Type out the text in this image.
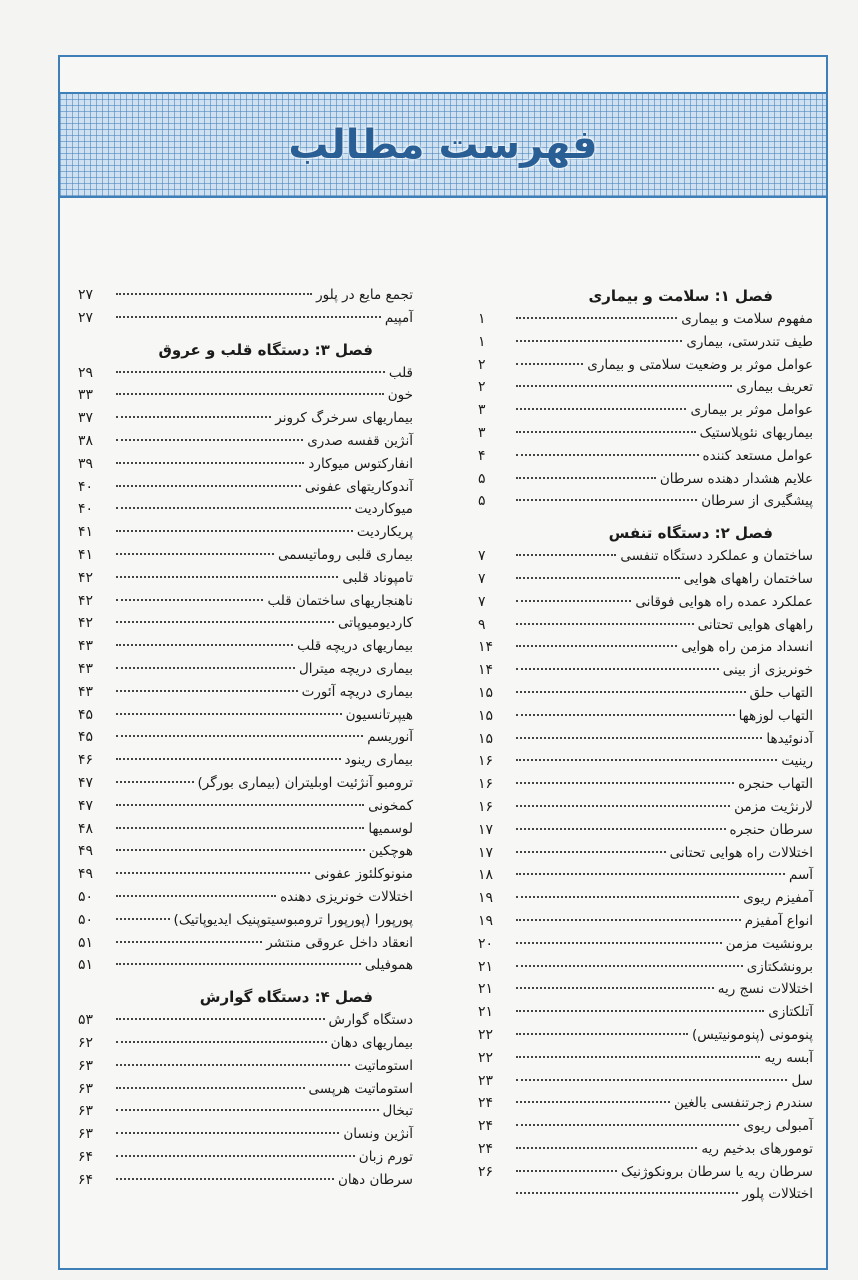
فهرست مطالب
فصل ۱: سلامت و بیماری
مفهوم سلامت و بیماری
۱
طیف تندرستی، بیماری
۱
عوامل موثر بر وضعیت سلامتی و بیماری
۲
تعریف بیماری
۲
عوامل موثر بر بیماری
۳
بیماریهای نئوپلاستیک
۳
عوامل مستعد کننده
۴
علایم هشدار دهنده سرطان
۵
پیشگیری از سرطان
۵
فصل ۲: دستگاه تنفس
ساختمان و عملکرد دستگاه تنفسی
۷
ساختمان راههای هوایی
۷
عملکرد عمده راه هوایی فوقانی
۷
راههای هوایی تحتانی
۹
انسداد مزمن راه هوایی
۱۴
خونریزی از بینی
۱۴
التهاب حلق
۱۵
التهاب لوزهها
۱۵
آدنوئیدها
۱۵
رینیت
۱۶
التهاب حنجره
۱۶
لارنژیت مزمن
۱۶
سرطان حنجره
۱۷
اختلالات راه هوایی تحتانی
۱۷
آسم
۱۸
آمفیزم ریوی
۱۹
انواع آمفیزم
۱۹
برونشیت مزمن
۲۰
برونشکتازی
۲۱
اختلالات نسج ریه
۲۱
آتلکتازی
۲۱
پنومونی (پنومونیتیس)
۲۲
آبسه ریه
۲۲
سل
۲۳
سندرم زجرتنفسی بالغین
۲۴
آمبولی ریوی
۲۴
تومورهای بدخیم ریه
۲۴
سرطان ریه یا سرطان برونکوژنیک
۲۶
اختلالات پلور
تجمع مایع در پلور
۲۷
آمپیم
۲۷
فصل ۳: دستگاه قلب و عروق
قلب
۲۹
خون
۳۳
بیماریهای سرخرگ کرونر
۳۷
آنژین قفسه صدری
۳۸
انفارکتوس میوکارد
۳۹
آندوکاریتهای عفونی
۴۰
میوکاردیت
۴۰
پریکاردیت
۴۱
بیماری قلبی روماتیسمی
۴۱
تامپوناد قلبی
۴۲
ناهنجاریهای ساختمان قلب
۴۲
کاردیومیوپاتی
۴۲
بیماریهای دریچه قلب
۴۳
بیماری دریچه میترال
۴۳
بیماری دریچه آئورت
۴۳
هیپرتانسیون
۴۵
آنوریسم
۴۵
بیماری رینود
۴۶
ترومبو آنژئیت اوبلیتران (بیماری بورگر)
۴۷
کمخونی
۴۷
لوسمیها
۴۸
هوچکین
۴۹
منونوکلئوز عفونی
۴۹
اختلالات خونریزی دهنده
۵۰
پورپورا (پورپورا ترومبوسیتوپنیک ایدیوپاتیک)
۵۰
انعقاد داخل عروقی منتشر
۵۱
هموفیلی
۵۱
فصل ۴: دستگاه گوارش
دستگاه گوارش
۵۳
بیماریهای دهان
۶۲
استوماتیت
۶۳
استوماتیت هرپسی
۶۳
تبخال
۶۳
آنژین ونسان
۶۳
تورم زبان
۶۴
سرطان دهان
۶۴
